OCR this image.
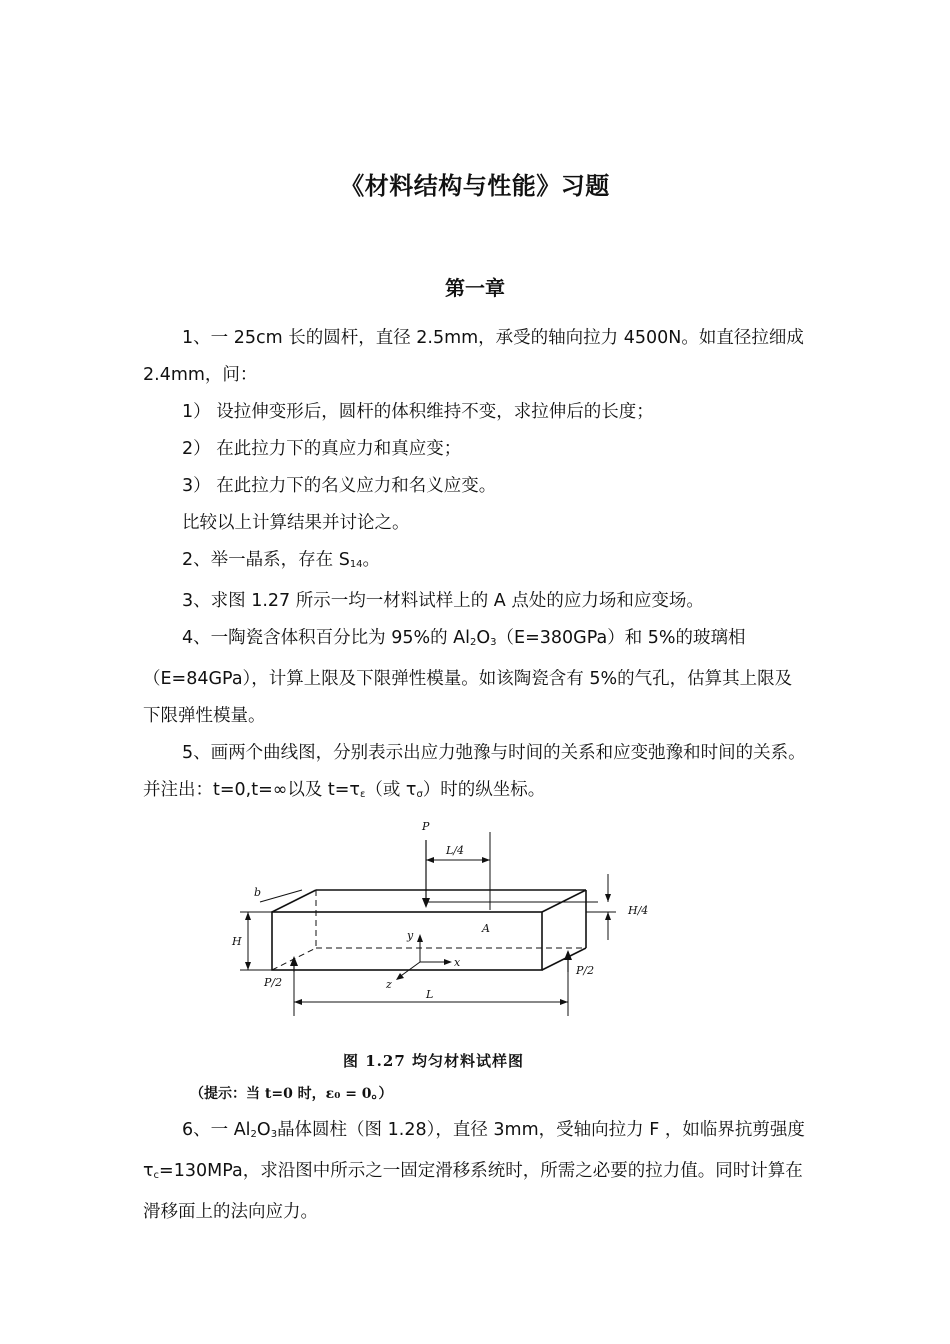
《材料结构与性能》习题
第一章

1、一 25cm 长的圆杆，直径 2.5mm，承受的轴向拉力 4500N。如直径拉细成 2.4mm，问：

1） 设拉伸变形后，圆杆的体积维持不变，求拉伸后的长度；

2） 在此拉力下的真应力和真应变；

3） 在此拉力下的名义应力和名义应变。

比较以上计算结果并讨论之。

2、举一晶系，存在 $S_{14}$。

3、求图 1.27 所示一均一材料试样上的 A 点处的应力场和应变场。

4、一陶瓷含体积百分比为 95%的 $Al_2O_3(E=380GPa)$和 5%的玻璃相（E=84GPa），计算上限及下限弹性模量。如该陶瓷含有 5%的气孔，估算其上限及下限弹性模量。

5、画两个曲线图，分别表示出应力弛豫与时间的关系和应变弛豫和时间的关系。并注出：t=0,t=∞以及 $t=\tau_\varepsilon$（或 $\tau_\sigma$）时的纵坐标。

P
L/4
b
H
H/4
A
y
x
z
P/2
P/2
L
图 1.27 均匀材料试样图
（提示：当 t=0 时，ε₀ = 0。）

6、一 $Al_2O_3$晶体圆柱（图 1.28），直径 3mm，受轴向拉力 F ，如临界抗剪强度 $\tau_c=130MPa$，求沿图中所示之一固定滑移系统时，所需之必要的拉力值。同时计算在滑移面上的法向应力。
